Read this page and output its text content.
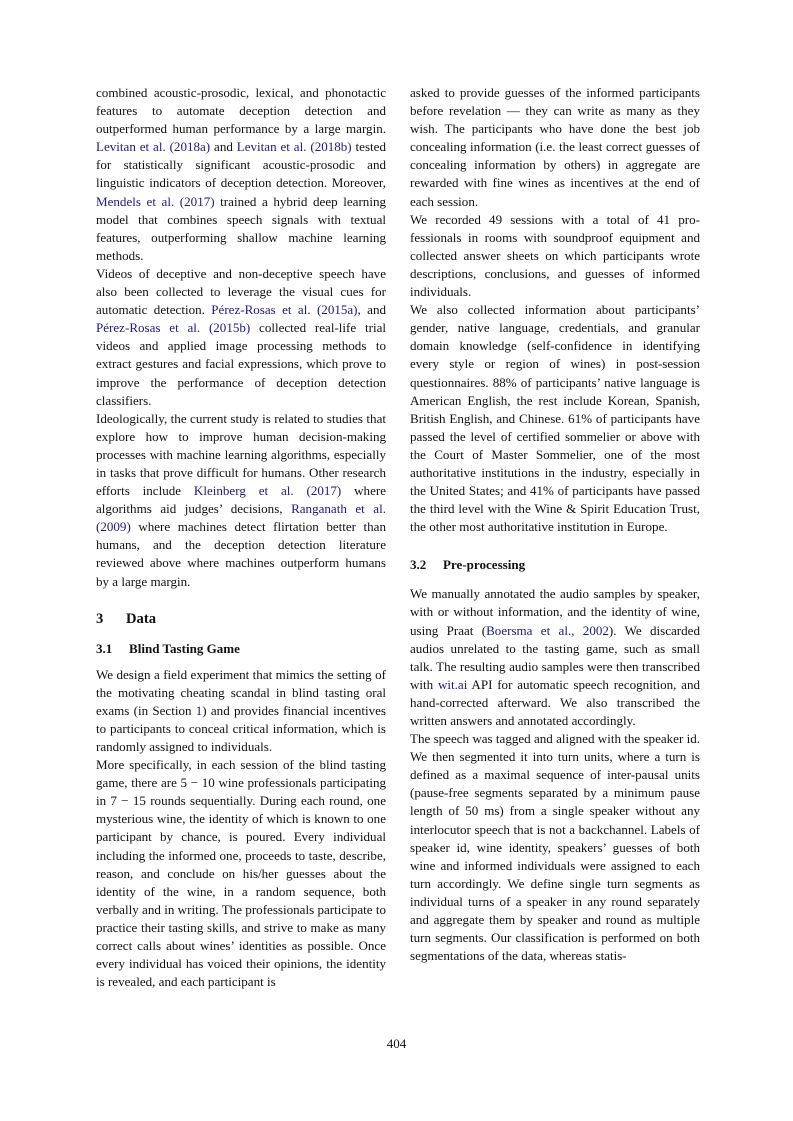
combined acoustic-prosodic, lexical, and phonotactic features to automate deception detection and outperformed human performance by a large margin. Levitan et al. (2018a) and Levitan et al. (2018b) tested for statistically significant acoustic-prosodic and linguistic indicators of deception detection. Moreover, Mendels et al. (2017) trained a hybrid deep learning model that combines speech signals with textual features, outperforming shallow machine learning methods.

Videos of deceptive and non-deceptive speech have also been collected to leverage the visual cues for automatic detection. Pérez-Rosas et al. (2015a), and Pérez-Rosas et al. (2015b) collected real-life trial videos and applied image processing methods to extract gestures and facial expressions, which prove to improve the performance of deception detection classifiers.

Ideologically, the current study is related to studies that explore how to improve human decision-making processes with machine learning algorithms, especially in tasks that prove difficult for humans. Other research efforts include Kleinberg et al. (2017) where algorithms aid judges’ decisions, Ranganath et al. (2009) where machines detect flirtation better than humans, and the deception detection literature reviewed above where machines outperform humans by a large margin.

3 Data
3.1 Blind Tasting Game

We design a field experiment that mimics the setting of the motivating cheating scandal in blind tasting oral exams (in Section 1) and provides financial incentives to participants to conceal critical information, which is randomly assigned to individuals.

More specifically, in each session of the blind tasting game, there are 5 − 10 wine professionals participating in 7 − 15 rounds sequentially. During each round, one mysterious wine, the identity of which is known to one participant by chance, is poured. Every individual including the informed one, proceeds to taste, describe, reason, and conclude on his/her guesses about the identity of the wine, in a random sequence, both verbally and in writing. The professionals participate to practice their tasting skills, and strive to make as many correct calls about wines’ identities as possible. Once every individual has voiced their opinions, the identity is revealed, and each participant is

asked to provide guesses of the informed participants before revelation — they can write as many as they wish. The participants who have done the best job concealing information (i.e. the least correct guesses of concealing information by others) in aggregate are rewarded with fine wines as incentives at the end of each session.

We recorded 49 sessions with a total of 41 professionals in rooms with soundproof equipment and collected answer sheets on which participants wrote descriptions, conclusions, and guesses of informed individuals.

We also collected information about participants’ gender, native language, credentials, and granular domain knowledge (self-confidence in identifying every style or region of wines) in post-session questionnaires. 88% of participants’ native language is American English, the rest include Korean, Spanish, British English, and Chinese. 61% of participants have passed the level of certified sommelier or above with the Court of Master Sommelier, one of the most authoritative institutions in the industry, especially in the United States; and 41% of participants have passed the third level with the Wine & Spirit Education Trust, the other most authoritative institution in Europe.

3.2 Pre-processing

We manually annotated the audio samples by speaker, with or without information, and the identity of wine, using Praat (Boersma et al., 2002). We discarded audios unrelated to the tasting game, such as small talk. The resulting audio samples were then transcribed with wit.ai API for automatic speech recognition, and hand-corrected afterward. We also transcribed the written answers and annotated accordingly.

The speech was tagged and aligned with the speaker id. We then segmented it into turn units, where a turn is defined as a maximal sequence of inter-pausal units (pause-free segments separated by a minimum pause length of 50 ms) from a single speaker without any interlocutor speech that is not a backchannel. Labels of speaker id, wine identity, speakers’ guesses of both wine and informed individuals were assigned to each turn accordingly. We define single turn segments as individual turns of a speaker in any round separately and aggregate them by speaker and round as multiple turn segments. Our classification is performed on both segmentations of the data, whereas statis-

404
